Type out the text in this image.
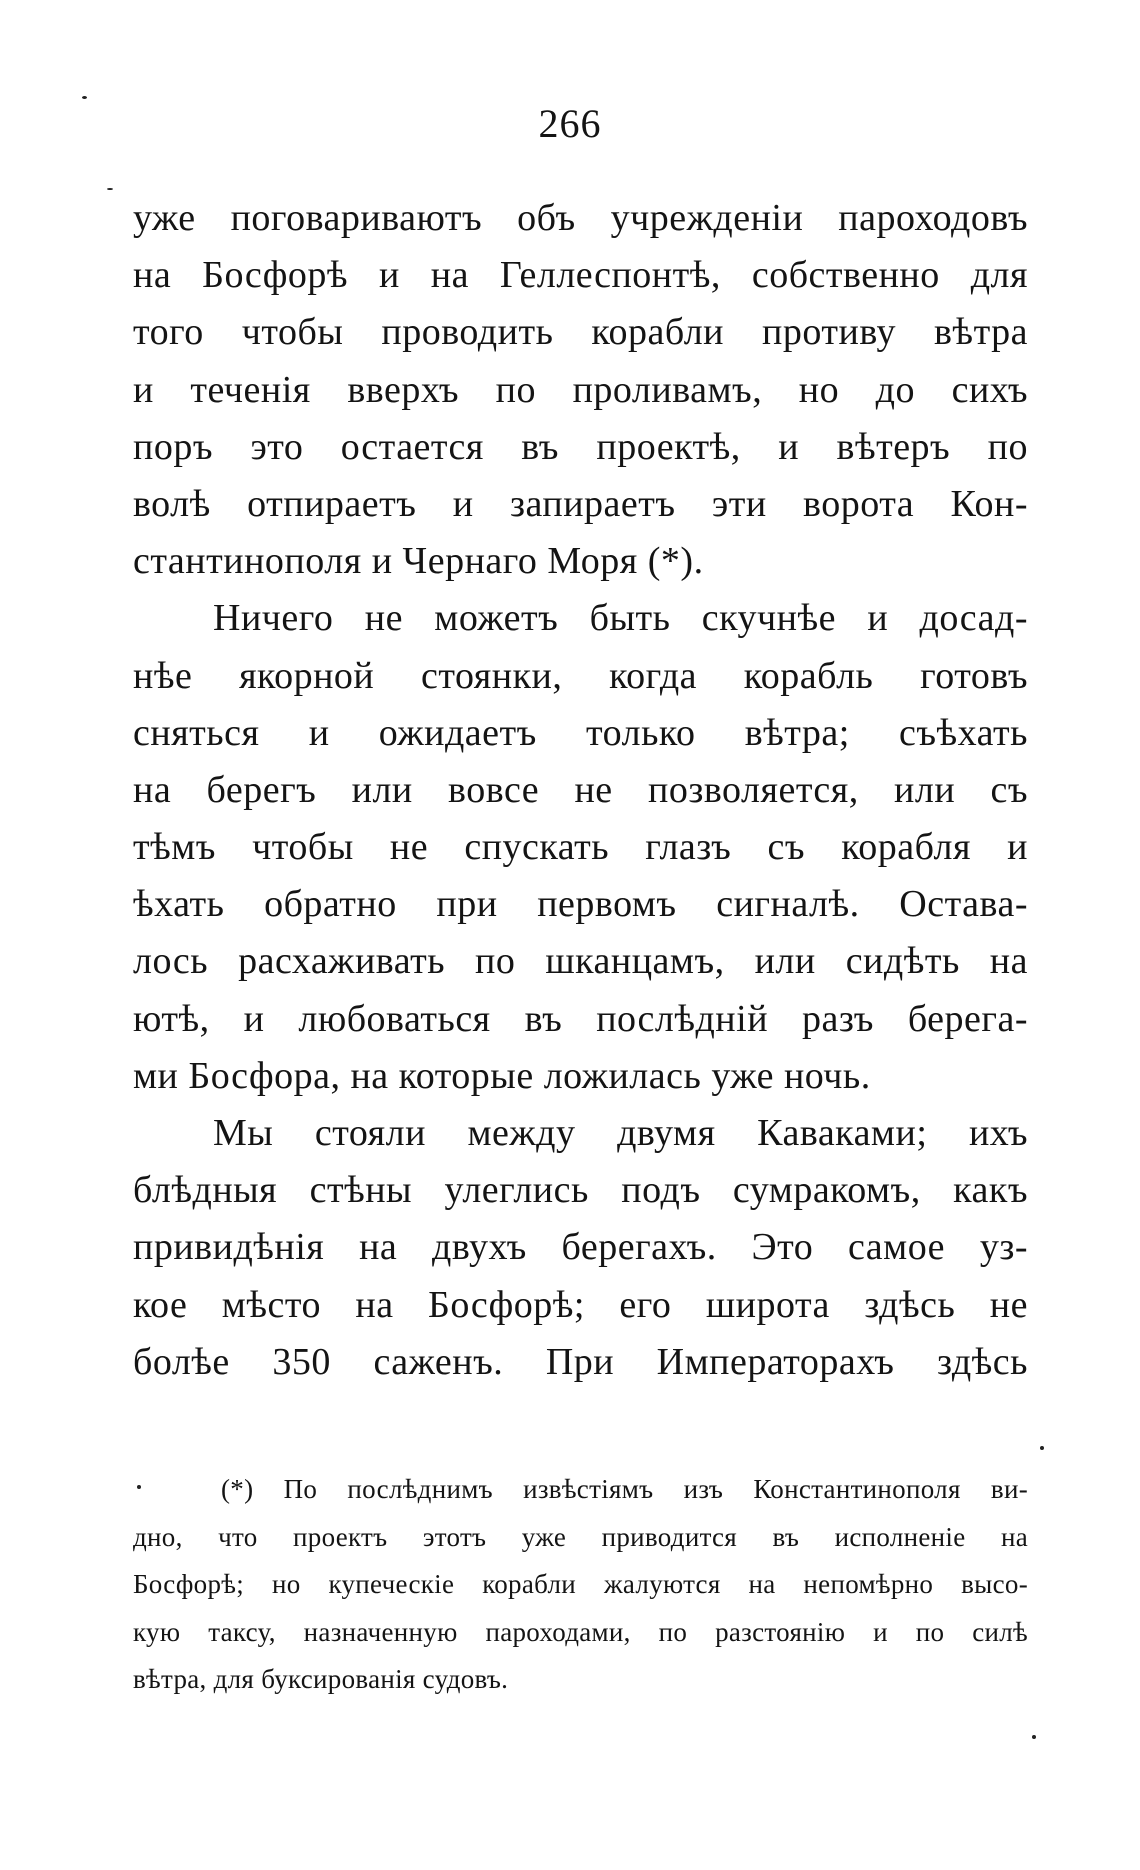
266
уже поговариваютъ объ учрежденіи пароходовъ
на Босфорѣ и на Геллеспонтѣ, собственно для
того чтобы проводить корабли противу вѣтра
и теченія вверхъ по проливамъ, но до сихъ
поръ это остается въ проектѣ, и вѣтеръ по
волѣ отпираетъ и запираетъ эти ворота Кон-
стантинополя и Чернаго Моря (*).
Ничего не можетъ быть скучнѣе и досад-
нѣе якорной стоянки, когда корабль готовъ
сняться и ожидаетъ только вѣтра; съѣхать
на берегъ или вовсе не позволяется, или съ
тѣмъ чтобы не спускать глазъ съ корабля и
ѣхать обратно при первомъ сигналѣ. Остава-
лось расхаживать по шканцамъ, или сидѣть на
ютѣ, и любоваться въ послѣдній разъ берега-
ми Босфора, на которые ложилась уже ночь.
Мы стояли между двумя Каваками; ихъ
блѣдныя стѣны улеглись подъ сумракомъ, какъ
привидѣнія на двухъ берегахъ. Это самое уз-
кое мѣсто на Босфорѣ; его широта здѣсь не
болѣе 350 саженъ. При Императорахъ здѣсь
(*) По послѣднимъ извѣстіямъ изъ Константинополя ви-
дно, что проектъ этотъ уже приводится въ исполненіе на
Босфорѣ; но купеческіе корабли жалуются на непомѣрно высо-
кую таксу, назначенную пароходами, по разстоянію и по силѣ
вѣтра, для буксированія судовъ.
